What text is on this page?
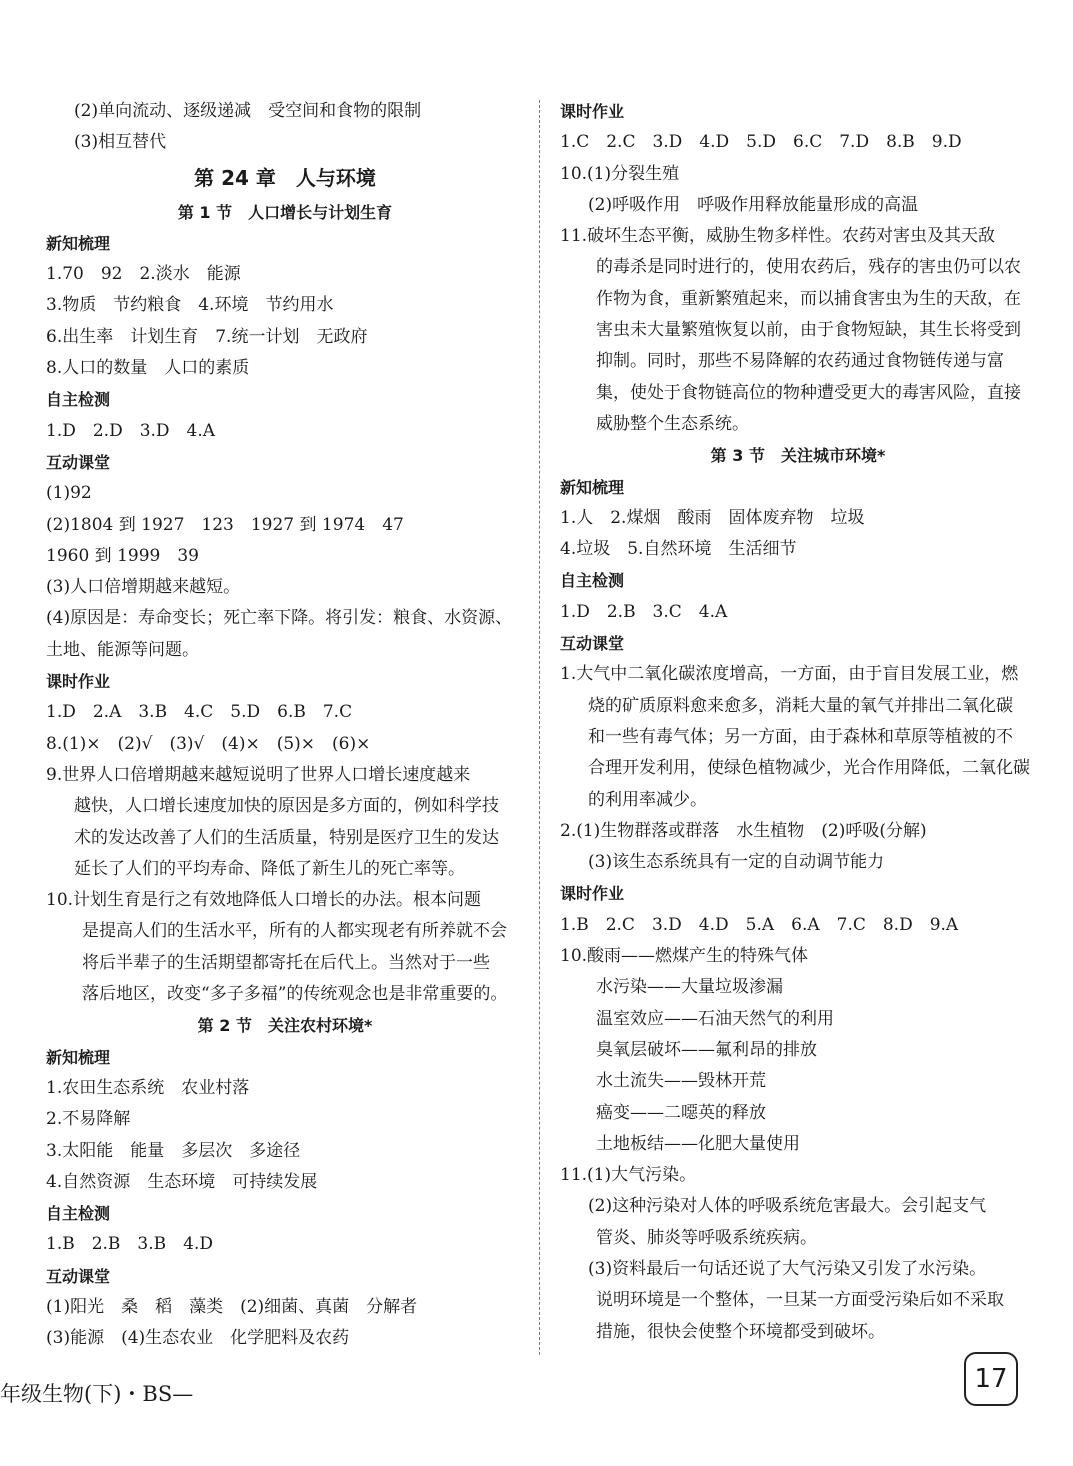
(2)单向流动、逐级递减　受空间和食物的限制
(3)相互替代
第 24 章　人与环境
第 1 节　人口增长与计划生育
新知梳理
1.70　92　2.淡水　能源
3.物质　节约粮食　4.环境　节约用水
6.出生率　计划生育　7.统一计划　无政府
8.人口的数量　人口的素质
自主检测
1.D　2.D　3.D　4.A
互动课堂
(1)92
(2)1804 到 1927　123　1927 到 1974　47
1960 到 1999　39
(3)人口倍增期越来越短。
(4)原因是：寿命变长；死亡率下降。将引发：粮食、水资源、
土地、能源等问题。
课时作业
1.D　2.A　3.B　4.C　5.D　6.B　7.C
8.(1)×　(2)√　(3)√　(4)×　(5)×　(6)×
9.世界人口倍增期越来越短说明了世界人口增长速度越来
越快，人口增长速度加快的原因是多方面的，例如科学技
术的发达改善了人们的生活质量，特别是医疗卫生的发达
延长了人们的平均寿命、降低了新生儿的死亡率等。
10.计划生育是行之有效地降低人口增长的办法。根本问题
是提高人们的生活水平，所有的人都实现老有所养就不会
将后半辈子的生活期望都寄托在后代上。当然对于一些
落后地区，改变“多子多福”的传统观念也是非常重要的。
第 2 节　关注农村环境*
新知梳理
1.农田生态系统　农业村落
2.不易降解
3.太阳能　能量　多层次　多途径
4.自然资源　生态环境　可持续发展
自主检测
1.B　2.B　3.B　4.D
互动课堂
(1)阳光　桑　稻　藻类　(2)细菌、真菌　分解者
(3)能源　(4)生态农业　化学肥料及农药
课时作业
1.C　2.C　3.D　4.D　5.D　6.C　7.D　8.B　9.D
10.(1)分裂生殖
(2)呼吸作用　呼吸作用释放能量形成的高温
11.破坏生态平衡，威胁生物多样性。农药对害虫及其天敌
的毒杀是同时进行的，使用农药后，残存的害虫仍可以农
作物为食，重新繁殖起来，而以捕食害虫为生的天敌，在
害虫未大量繁殖恢复以前，由于食物短缺，其生长将受到
抑制。同时，那些不易降解的农药通过食物链传递与富
集，使处于食物链高位的物种遭受更大的毒害风险，直接
威胁整个生态系统。
第 3 节　关注城市环境*
新知梳理
1.人　2.煤烟　酸雨　固体废弃物　垃圾
4.垃圾　5.自然环境　生活细节
自主检测
1.D　2.B　3.C　4.A
互动课堂
1.大气中二氧化碳浓度增高，一方面，由于盲目发展工业，燃
烧的矿质原料愈来愈多，消耗大量的氧气并排出二氧化碳
和一些有毒气体；另一方面，由于森林和草原等植被的不
合理开发利用，使绿色植物减少，光合作用降低，二氧化碳
的利用率减少。
2.(1)生物群落或群落　水生植物　(2)呼吸(分解)
(3)该生态系统具有一定的自动调节能力
课时作业
1.B　2.C　3.D　4.D　5.A　6.A　7.C　8.D　9.A
10.酸雨——燃煤产生的特殊气体
水污染——大量垃圾渗漏
温室效应——石油天然气的利用
臭氧层破坏——氟利昂的排放
水土流失——毁林开荒
癌变——二噁英的释放
土地板结——化肥大量使用
11.(1)大气污染。
(2)这种污染对人体的呼吸系统危害最大。会引起支气
管炎、肺炎等呼吸系统疾病。
(3)资料最后一句话还说了大气污染又引发了水污染。
说明环境是一个整体，一旦某一方面受污染后如不采取
措施，很快会使整个环境都受到破坏。
年级生物(下)・BS—	17
